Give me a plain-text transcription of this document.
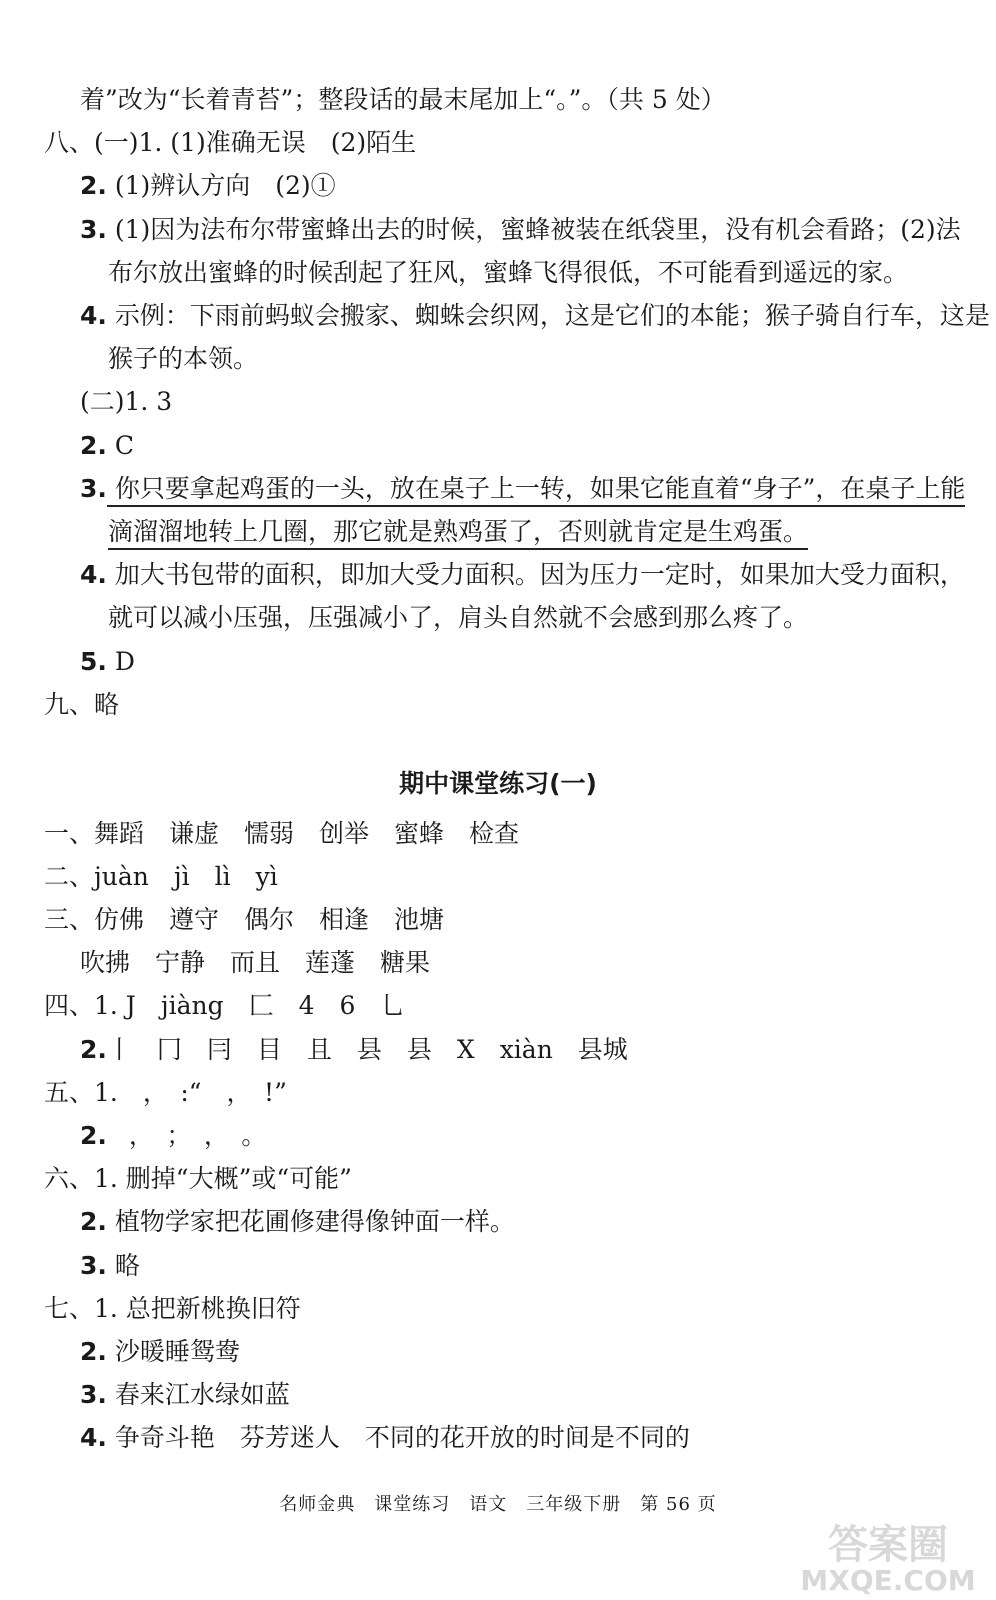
着”改为“长着青苔”；整段话的最末尾加上“。”。（共 5 处）
八、(一)1. (1)准确无误　(2)陌生
2. (1)辨认方向　(2)①
3. (1)因为法布尔带蜜蜂出去的时候，蜜蜂被装在纸袋里，没有机会看路；(2)法
布尔放出蜜蜂的时候刮起了狂风，蜜蜂飞得很低，不可能看到遥远的家。
4. 示例：下雨前蚂蚁会搬家、蜘蛛会织网，这是它们的本能；猴子骑自行车，这是
猴子的本领。
(二)1. 3
2. C
3. 你只要拿起鸡蛋的一头，放在桌子上一转，如果它能直着“身子”，在桌子上能
滴溜溜地转上几圈，那它就是熟鸡蛋了，否则就肯定是生鸡蛋。
4. 加大书包带的面积，即加大受力面积。因为压力一定时，如果加大受力面积，
就可以减小压强，压强减小了，肩头自然就不会感到那么疼了。
5. D
九、略
期中课堂练习(一)
一、舞蹈　谦虚　懦弱　创举　蜜蜂　检查
二、juàn　jì　lì　yì
三、仿佛　遵守　偶尔　相逢　池塘
吹拂　宁静　而且　莲蓬　糖果
四、1. J　jiàng　匚　4　6　乚
2.丨　冂　冃　目　且　县　县　X　xiàn　县城
五、1.　，　:“　，　!”
2. ，　；　，　。
六、1. 删掉“大概”或“可能”
2. 植物学家把花圃修建得像钟面一样。
3. 略
七、1. 总把新桃换旧符
2. 沙暖睡鸳鸯
3. 春来江水绿如蓝
4. 争奇斗艳　芬芳迷人　不同的花开放的时间是不同的
名师金典　课堂练习　语文　三年级下册　第 56 页
答案圈
MXQE.COM
